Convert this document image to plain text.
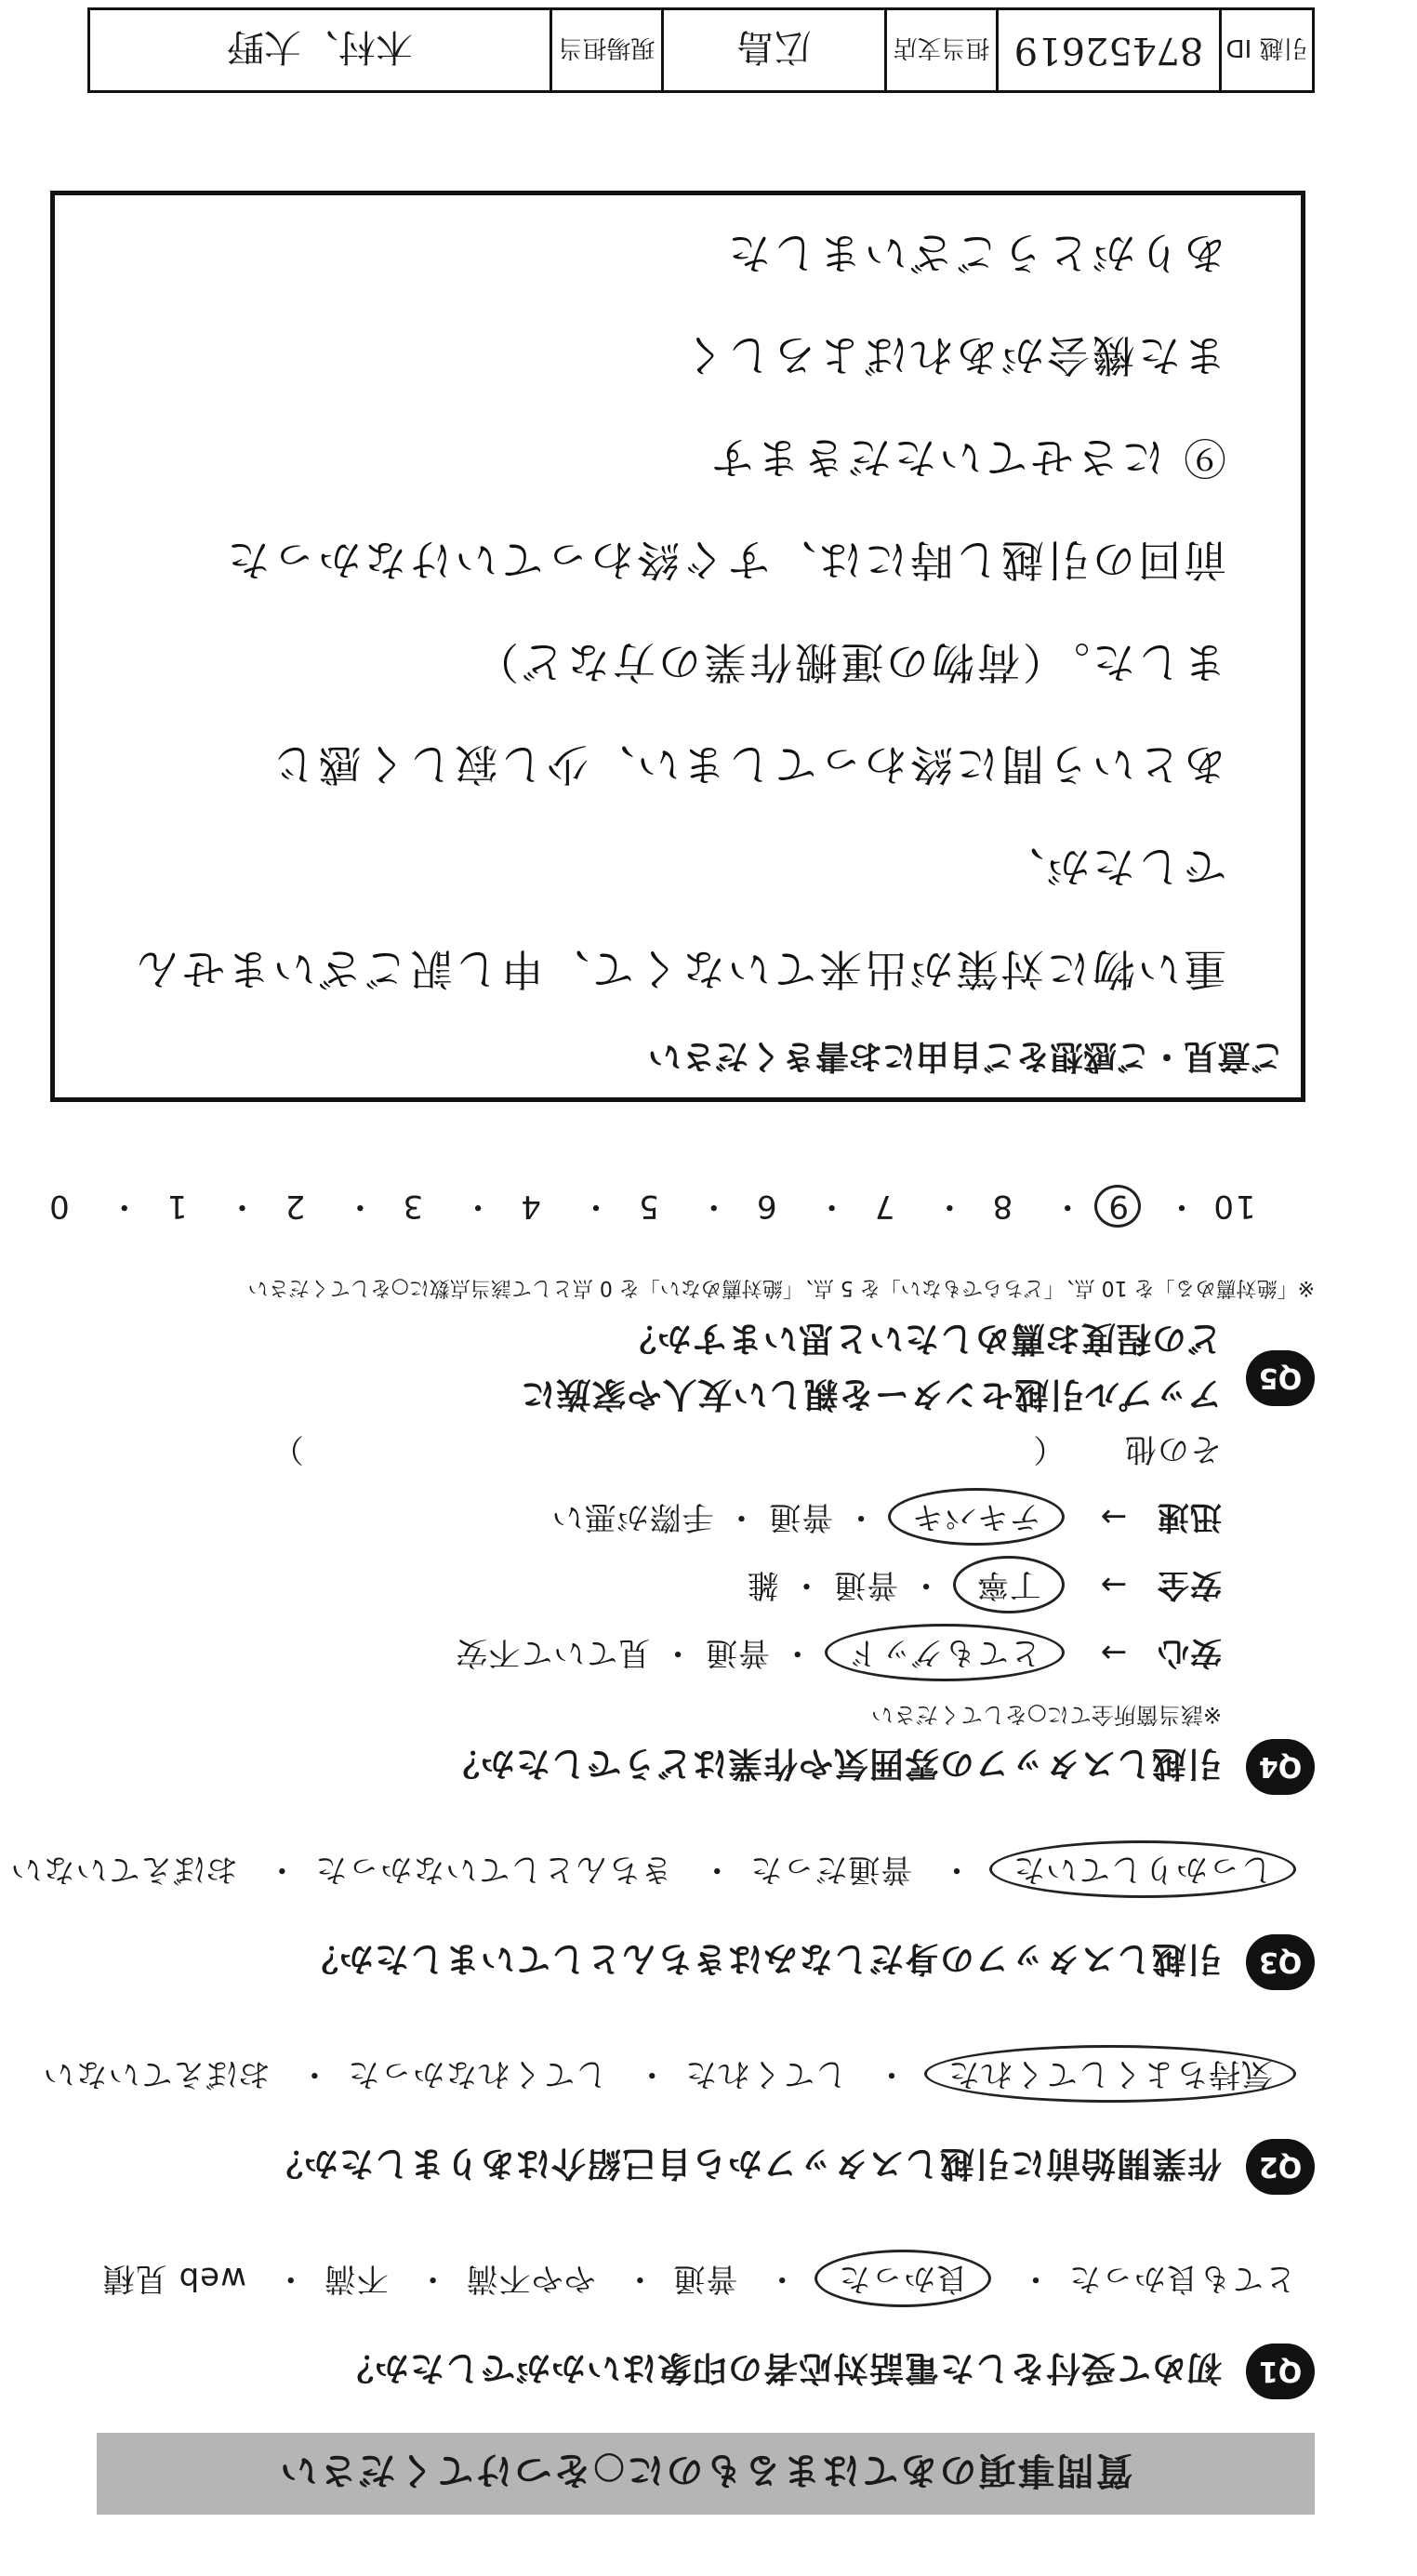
質問事項のあてはまるものに○をつけてください
Q1
初めて受付をした電話対応者の印象はいかがでしたか？
とても良かった・ 良かった・ 普通・ やや不満・ 不満・ web 見積
Q2
作業開始前に引越しスタッフから自己紹介はありましたか？
気持ちよくしてくれた・ してくれた・ してくれなかった・ おぼえていない
Q3
引越しスタッフの身だしなみはきちんとしていましたか？
しっかりしていた・ 普通だった・ きちんとしていなかった・ おぼえていない
Q4
引越しスタッフの雰囲気や作業はどうでしたか？
※該当箇所全てに○をしてください
安心 → とてもグッド ・ 普通 ・ 見ていて不安
安全 → 丁寧 ・ 普通 ・ 雑
迅速 → テキパキ ・ 普通 ・ 手際が悪い
その他  （  ）
Q5
アップル引越センターを親しい友人や家族に
どの程度お薦めしたいと思いますか？
※「絶対薦める」を 10 点、「どちらでもない」を 5 点、「絶対薦めない」を 0 点として該当点数に○をしてください
10・ 9・ 8・ 7・ 6・ 5・ 4・ 3・ 2・ 1・ 0
ご意見・ご感想をご自由にお書きください
重い物に対策が出来ていなくて、申し訳ございませんでしたが、
あという間に終わってしまい、少し寂しく感じ
ました。（荷物の運搬作業の方など）
前回の引越し時には、すぐ終わっていけなかった
⑨ にさせていただきます
また機会があればよろしく
ありがとうございました
引越 ID
87452619
担当支店
広島
現場担当
木村、大野
